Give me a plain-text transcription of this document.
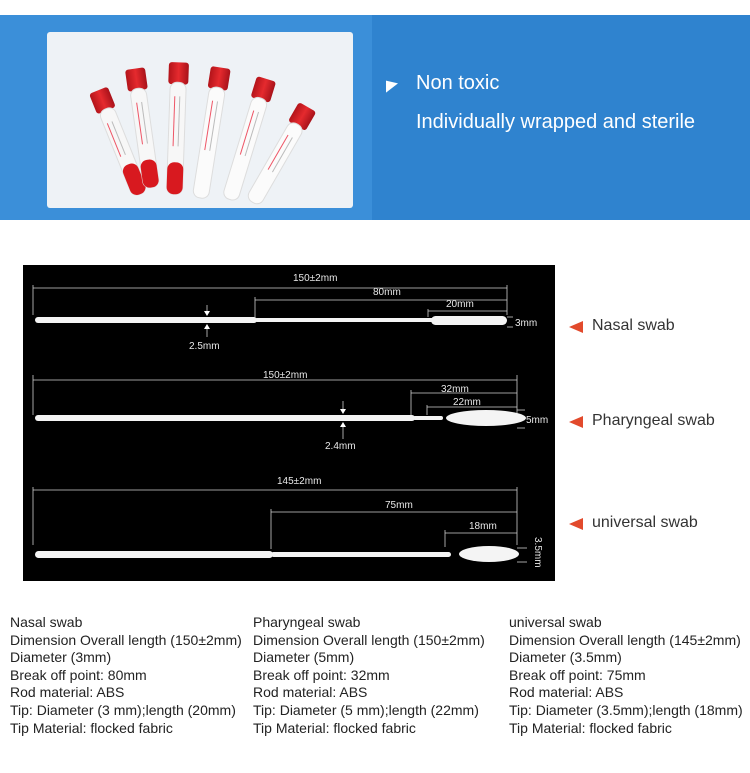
Non toxic
Individually wrapped and sterile
150±2mm
80mm
20mm
3mm
2.5mm
150±2mm
32mm
22mm
5mm
2.4mm
145±2mm
75mm
18mm
3.5mm
Nasal swab
Pharyngeal swab
universal swab
Nasal swab
Dimension Overall length (150±2mm)
Diameter (3mm)
Break off point: 80mm
Rod material: ABS
Tip: Diameter (3 mm);length (20mm)
Tip Material: flocked fabric
Pharyngeal swab
Dimension Overall length (150±2mm)
Diameter (5mm)
Break off point: 32mm
Rod material: ABS
Tip: Diameter (5 mm);length (22mm)
Tip Material: flocked fabric
universal swab
Dimension Overall length (145±2mm)
Diameter (3.5mm)
Break off point: 75mm
Rod material: ABS
Tip: Diameter (3.5mm);length (18mm)
Tip Material: flocked fabric
